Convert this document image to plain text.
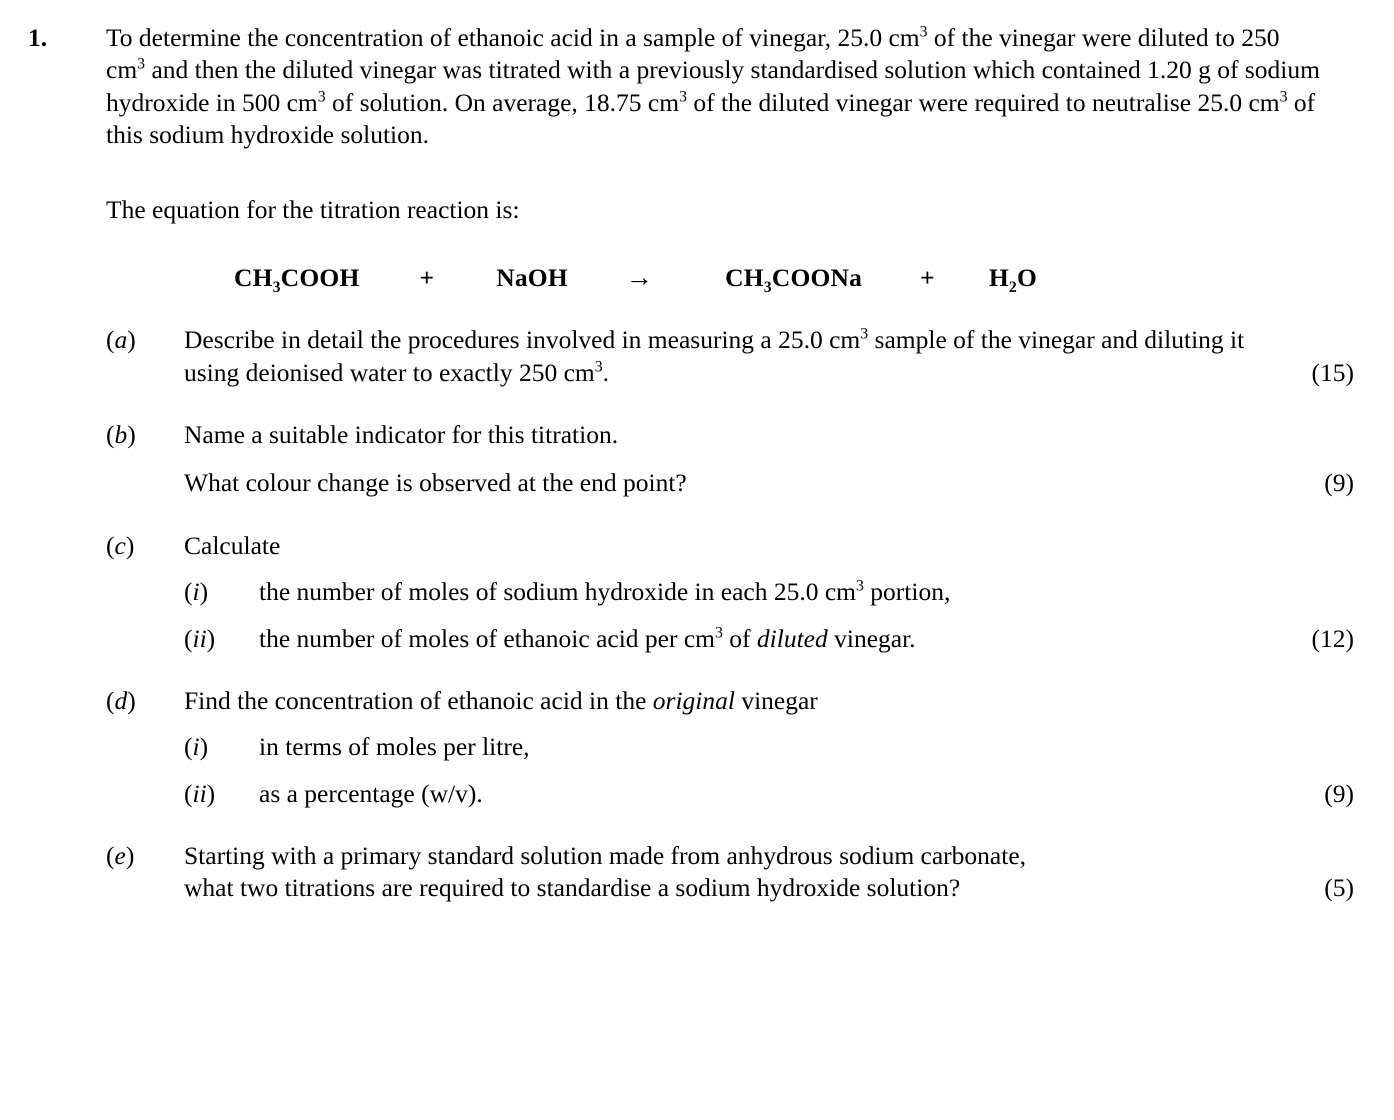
1.	To determine the concentration of ethanoic acid in a sample of vinegar, 25.0 $cm^3$ of the vinegar were diluted to 250 $cm^3$ and then the diluted vinegar was titrated with a previously standardised solution which contained 1.20 g of sodium hydroxide in 500 $cm^3$ of solution. On average, 18.75 $cm^3$ of the diluted vinegar were required to neutralise 25.0 $cm^3$ of this sodium hydroxide solution.
The equation for the titration reaction is:
$CH_3COOH$ + NaOH →	$CH_3COONa + H_2O$
(a)	Describe in detail the procedures involved in measuring a 25.0 $cm^3$ sample of the vinegar and diluting it using deionised water to exactly 250 $cm^3$.	(15)
(b)	Name a suitable indicator for this titration.
What colour change is observed at the end point?	(9)
(c)	Calculate
(i)	the number of moles of sodium hydroxide in each 25.0 $cm^3$ portion,
(ii)	the number of moles of ethanoic acid per $cm^3$ of diluted vinegar.	(12)
(d)	Find the concentration of ethanoic acid in the original vinegar
(i)	in terms of moles per litre,
(ii)	as a percentage (w/v).	(9)
(e)	Starting with a primary standard solution made from anhydrous sodium carbonate,
what two titrations are required to standardise a sodium hydroxide solution?	(5)
